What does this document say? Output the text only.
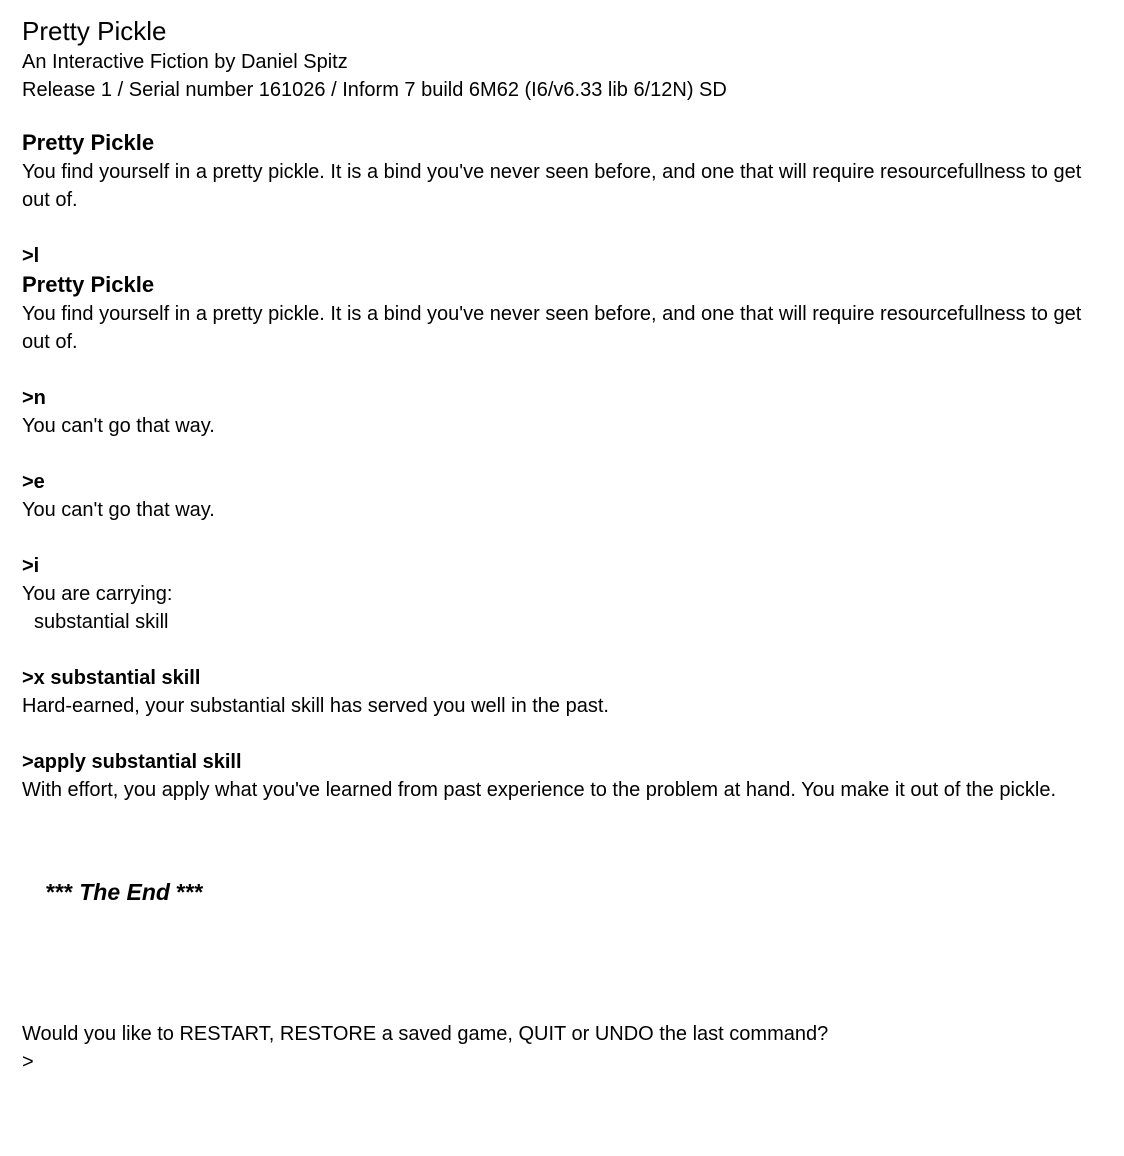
Pretty Pickle

An Interactive Fiction by Daniel Spitz

Release 1 / Serial number 161026 / Inform 7 build 6M62 (I6/v6.33 lib 6/12N) SD

Pretty Pickle

You find yourself in a pretty pickle. It is a bind you've never seen before, and one that will require resourcefullness to get out of.

>l

Pretty Pickle

You find yourself in a pretty pickle. It is a bind you've never seen before, and one that will require resourcefullness to get out of.

>n

You can't go that way.

>e

You can't go that way.

>i

You are carrying:

substantial skill

>x substantial skill

Hard-earned, your substantial skill has served you well in the past.

>apply substantial skill

With effort, you apply what you've learned from past experience to the problem at hand. You make it out of the pickle.

*** The End ***

Would you like to RESTART, RESTORE a saved game, QUIT or UNDO the last command?

>
